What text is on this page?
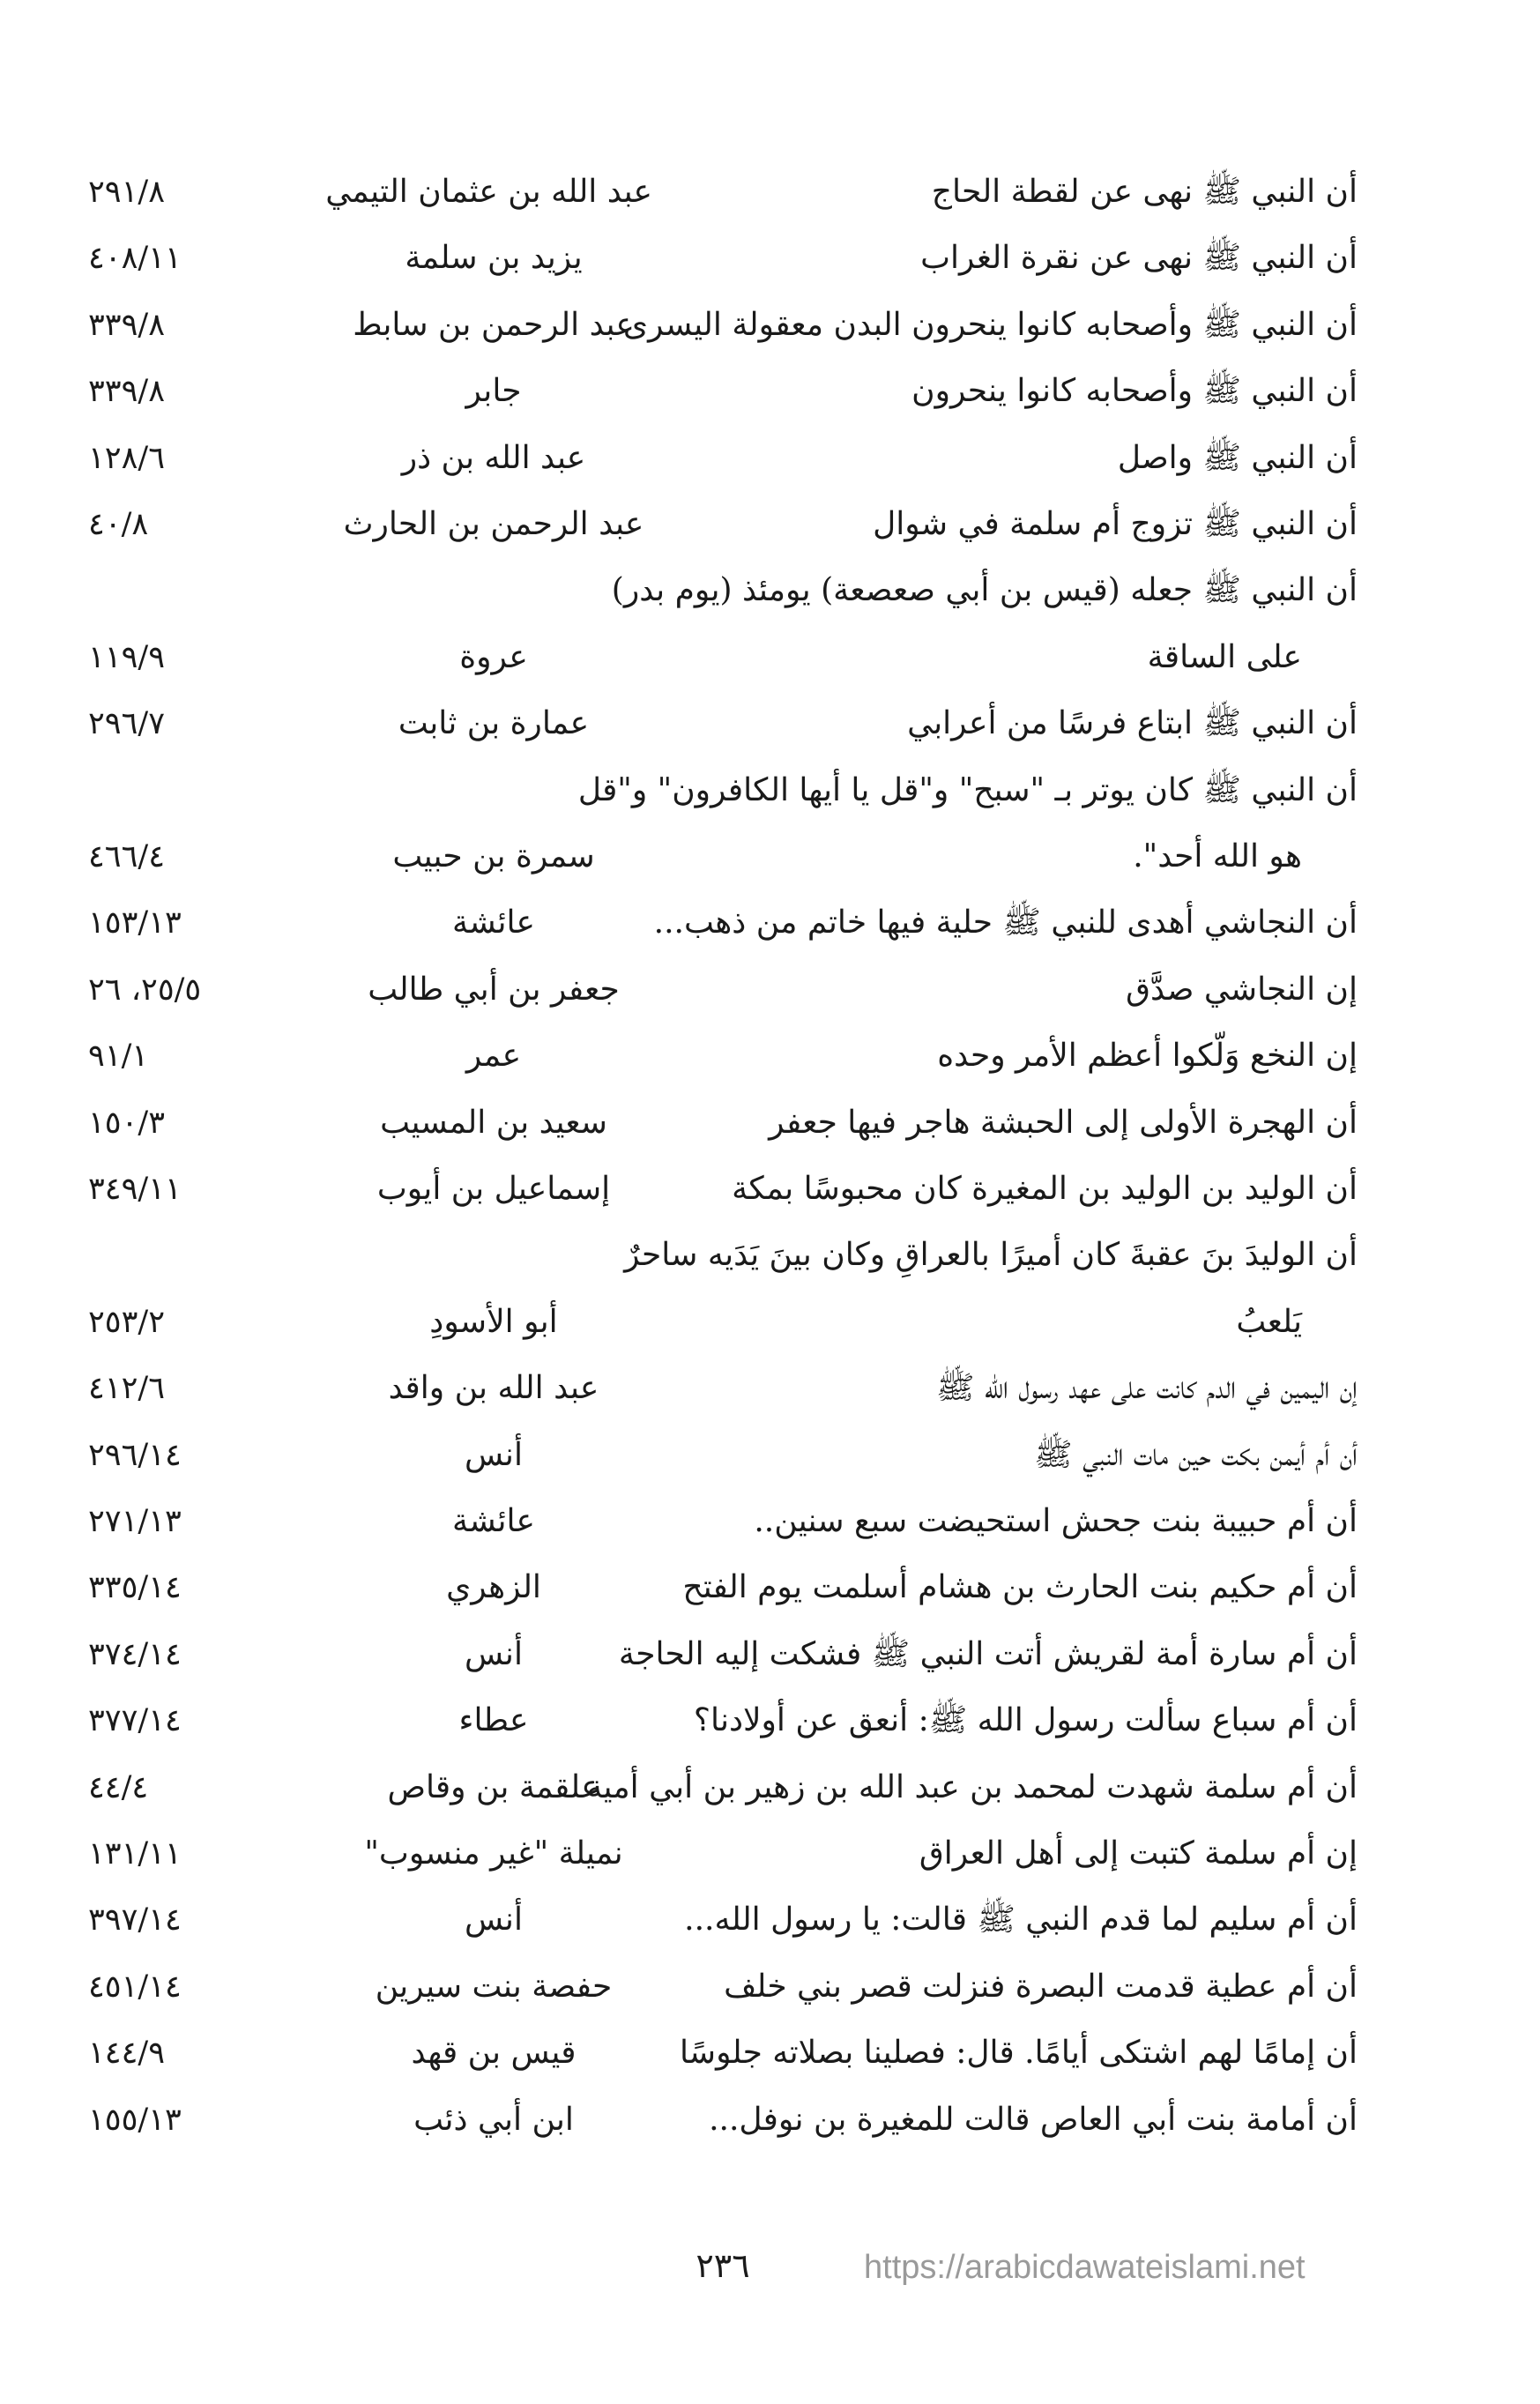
أن النبي ﷺ نهى عن لقطة الحاج
عبد الله بن عثمان التيمي
٢٩١/٨
أن النبي ﷺ نهى عن نقرة الغراب
يزيد بن سلمة
٤٠٨/١١
أن النبي ﷺ وأصحابه كانوا ينحرون البدن معقولة اليسرى
عبد الرحمن بن سابط
٣٣٩/٨
أن النبي ﷺ وأصحابه كانوا ينحرون
جابر
٣٣٩/٨
أن النبي ﷺ واصل
عبد الله بن ذر
١٢٨/٦
أن النبي ﷺ تزوج أم سلمة في شوال
عبد الرحمن بن الحارث
٤٠/٨
أن النبي ﷺ جعله (قيس بن أبي صعصعة) يومئذ (يوم بدر)
على الساقة
عروة
١١٩/٩
أن النبي ﷺ ابتاع فرسًا من أعرابي
عمارة بن ثابت
٢٩٦/٧
أن النبي ﷺ كان يوتر بـ "سبح" و"قل يا أيها الكافرون" و"قل
هو الله أحد".
سمرة بن حبيب
٤٦٦/٤
أن النجاشي أهدى للنبي ﷺ حلية فيها خاتم من ذهب...
عائشة
١٥٣/١٣
إن النجاشي صدَّق
جعفر بن أبي طالب
٢٥/٥، ٢٦
إن النخع وَلّكوا أعظم الأمر وحده
عمر
٩١/١
أن الهجرة الأولى إلى الحبشة هاجر فيها جعفر
سعيد بن المسيب
١٥٠/٣
أن الوليد بن الوليد بن المغيرة كان محبوسًا بمكة
إسماعيل بن أيوب
٣٤٩/١١
أن الوليدَ بنَ عقبةَ كان أميرًا بالعراقِ وكان بينَ يَدَيه ساحرٌ
يَلعبُ
أبو الأسودِ
٢٥٣/٢
إن اليمين في الدم كانت على عهد رسول الله ﷺ
عبد الله بن واقد
٤١٢/٦
أن أم أيمن بكت حين مات النبي ﷺ
أنس
٢٩٦/١٤
أن أم حبيبة بنت جحش استحيضت سبع سنين..
عائشة
٢٧١/١٣
أن أم حكيم بنت الحارث بن هشام أسلمت يوم الفتح
الزهري
٣٣٥/١٤
أن أم سارة أمة لقريش أتت النبي ﷺ فشكت إليه الحاجة
أنس
٣٧٤/١٤
أن أم سباع سألت رسول الله ﷺ: أنعق عن أولادنا؟
عطاء
٣٧٧/١٤
أن أم سلمة شهدت لمحمد بن عبد الله بن زهير بن أبي أمية
علقمة بن وقاص
٤٤/٤
إن أم سلمة كتبت إلى أهل العراق
نميلة "غير منسوب"
١٣١/١١
أن أم سليم لما قدم النبي ﷺ قالت: يا رسول الله...
أنس
٣٩٧/١٤
أن أم عطية قدمت البصرة فنزلت قصر بني خلف
حفصة بنت سيرين
٤٥١/١٤
أن إمامًا لهم اشتكى أيامًا. قال: فصلينا بصلاته جلوسًا
قيس بن قهد
١٤٤/٩
أن أمامة بنت أبي العاص قالت للمغيرة بن نوفل...
ابن أبي ذئب
١٥٥/١٣
٢٣٦	https://arabicdawateislami.net
